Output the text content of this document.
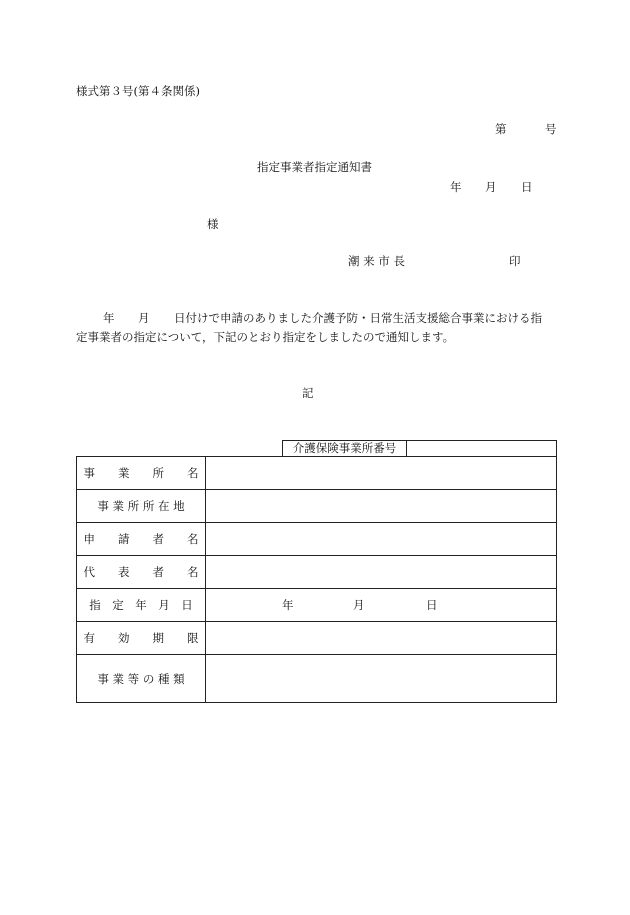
様式第３号(第４条関係)
第	号
指定事業者指定通知書
年 月 日
様
潮 来 市 長	印
年 月 日付けで申請のありました介護予防・日常生活支援総合事業における指
定事業者の指定について，下記のとおり指定をしましたので通知します。
記
介護保険事業所番号
事　　業　　所　　名	
事 業 所 所 在 地	
申　　請　　者　　名	
代　　表　　者　　名	
指　定　年　月　日	年 月 日

有　　効　　期　　限	
事 業 等 の 種 類	
